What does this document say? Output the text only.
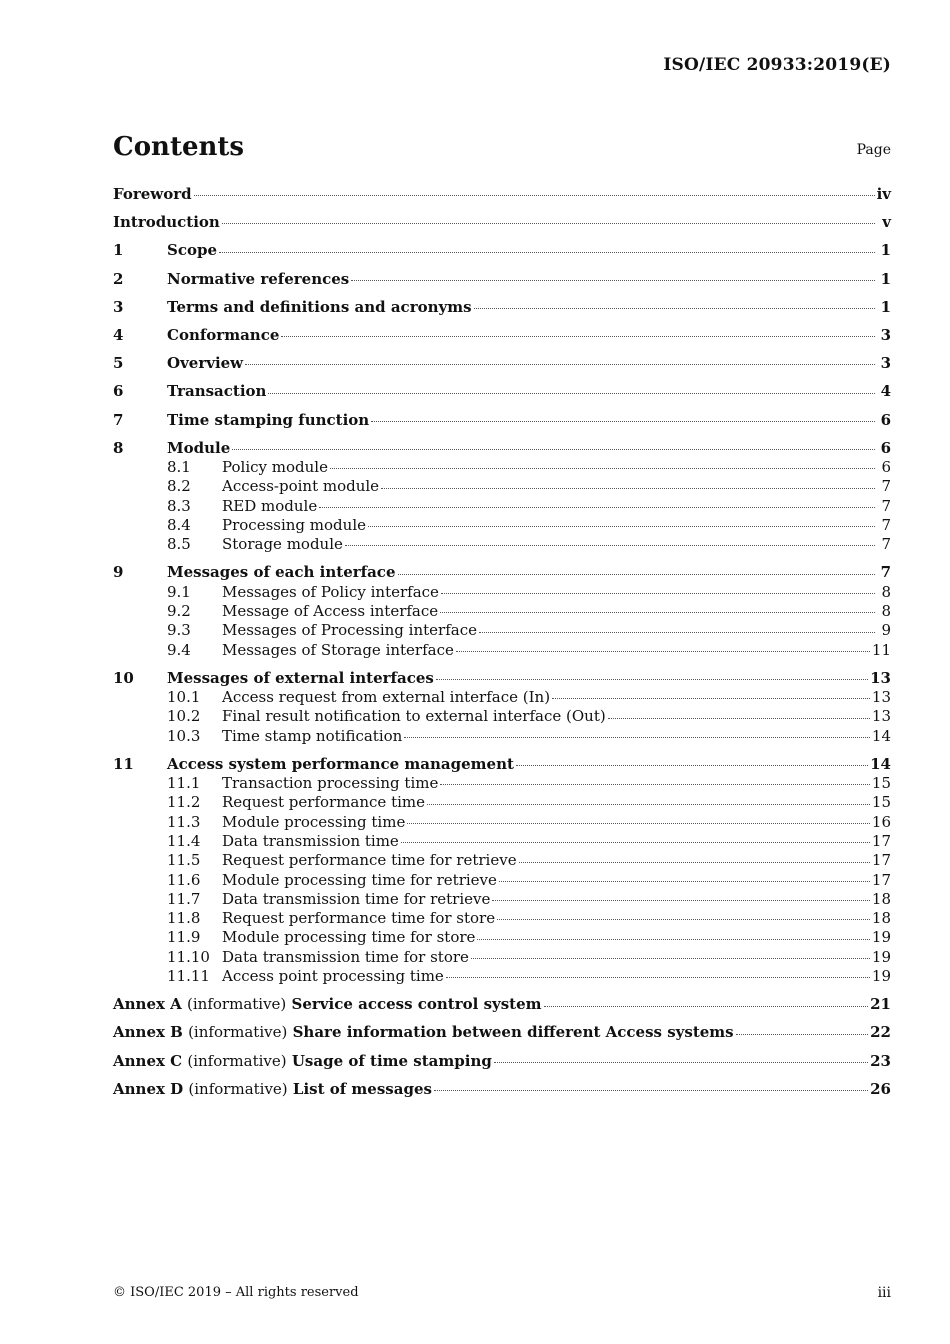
ISO/IEC 20933:2019(E)
Contents	Page
Foreword	iv
Introduction	v
1	Scope	1
2	Normative references	1
3	Terms and definitions and acronyms	1
4	Conformance	3
5	Overview	3
6	Transaction	4
7	Time stamping function	6
8	Module	6
8.1	Policy module	6
8.2	Access-point module	7
8.3	RED module	7
8.4	Processing module	7
8.5	Storage module	7
9	Messages of each interface	7
9.1	Messages of Policy interface	8
9.2	Message of Access interface	8
9.3	Messages of Processing interface	9
9.4	Messages of Storage interface	11
10	Messages of external interfaces	13
10.1	Access request from external interface (In)	13
10.2	Final result notification to external interface (Out)	13
10.3	Time stamp notification	14
11	Access system performance management	14
11.1	Transaction processing time	15
11.2	Request performance time	15
11.3	Module processing time	16
11.4	Data transmission time	17
11.5	Request performance time for retrieve	17
11.6	Module processing time for retrieve	17
11.7	Data transmission time for retrieve	18
11.8	Request performance time for store	18
11.9	Module processing time for store	19
11.10 Data transmission time for store	19
11.11 Access point processing time	19
Annex A (informative) Service access control system	21
Annex B (informative) Share information between different Access systems	22
Annex C (informative) Usage of time stamping	23
Annex D (informative) List of messages	26
© ISO/IEC 2019 – All rights reserved	iii
